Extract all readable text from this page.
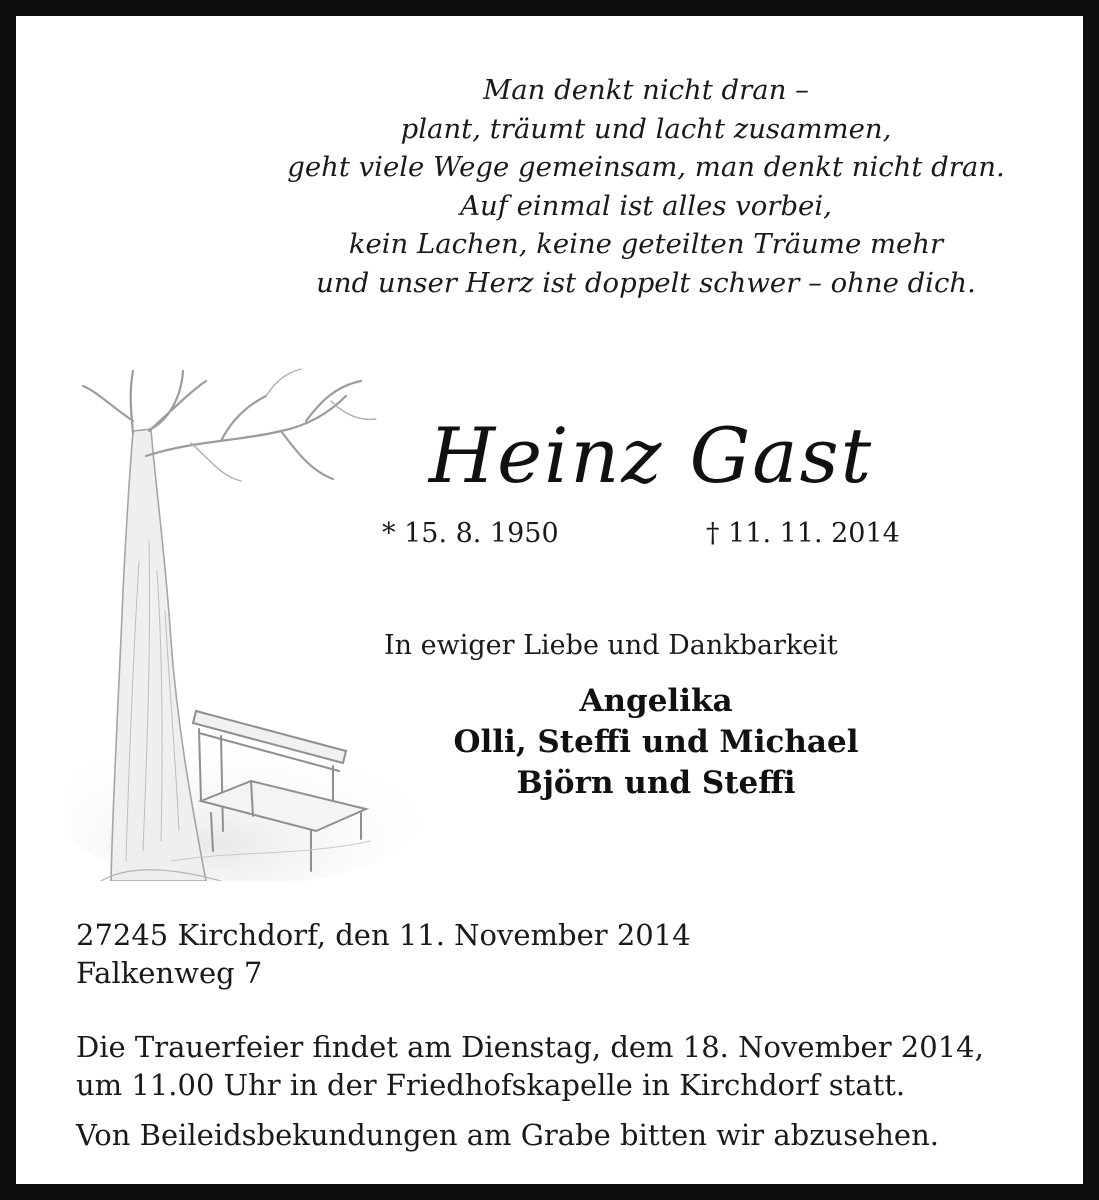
Man denkt nicht dran –
plant, träumt und lacht zusammen,
geht viele Wege gemeinsam, man denkt nicht dran.
Auf einmal ist alles vorbei,
kein Lachen, keine geteilten Träume mehr
und unser Herz ist doppelt schwer – ohne dich.
Heinz Gast
* 15. 8. 1950	† 11. 11. 2014
In ewiger Liebe und Dankbarkeit
Angelika
Olli, Steffi und Michael
Björn und Steffi
27245 Kirchdorf, den 11. November 2014
Falkenweg 7
Die Trauerfeier findet am Dienstag, dem 18. November 2014,
um 11.00 Uhr in der Friedhofskapelle in Kirchdorf statt.
Von Beileidsbekundungen am Grabe bitten wir abzusehen.
